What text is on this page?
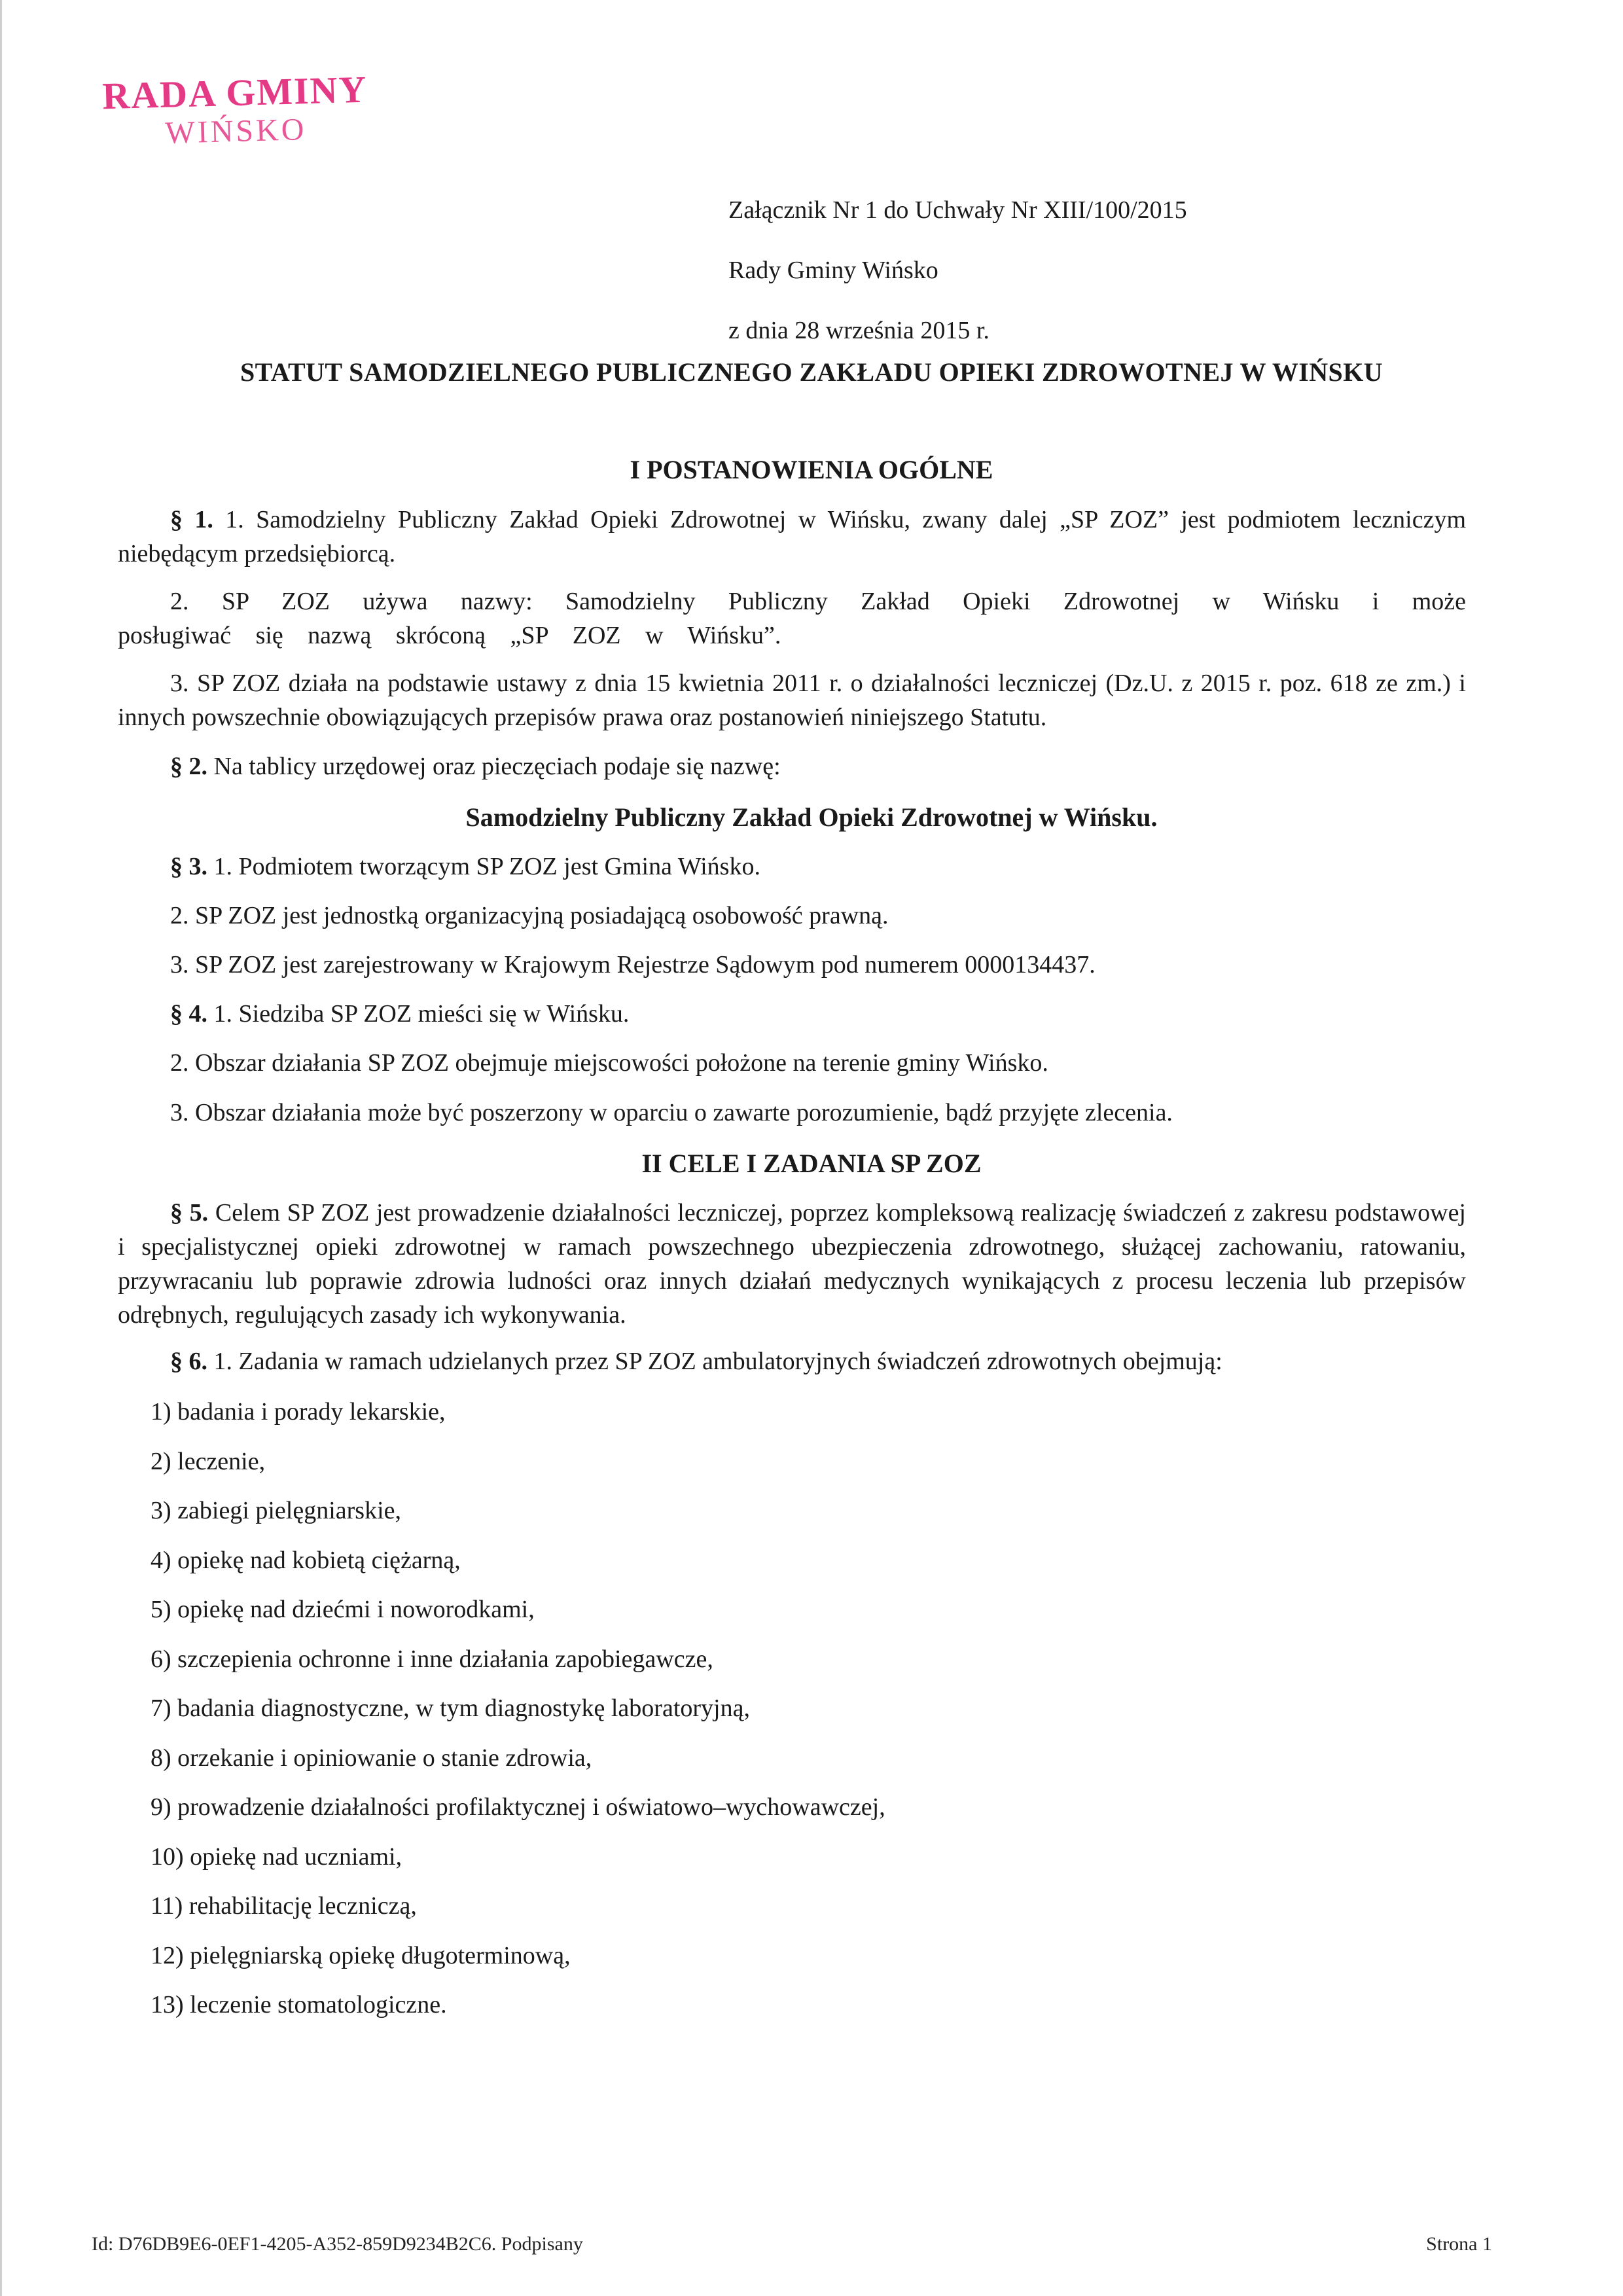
RADA GMINY
WIŃSKO
Załącznik Nr 1 do Uchwały Nr XIII/100/2015
Rady Gminy Wińsko
z dnia 28 września 2015 r.
STATUT SAMODZIELNEGO PUBLICZNEGO ZAKŁADU OPIEKI ZDROWOTNEJ W WIŃSKU
I POSTANOWIENIA OGÓLNE
§ 1. 1. Samodzielny Publiczny Zakład Opieki Zdrowotnej w Wińsku, zwany dalej „SP ZOZ” jest podmiotem leczniczym niebędącym przedsiębiorcą.
2. SP ZOZ używa nazwy: Samodzielny Publiczny Zakład Opieki Zdrowotnej w Wińsku i może posługiwać się nazwą skróconą „SP ZOZ w Wińsku”.
3. SP ZOZ działa na podstawie ustawy z dnia 15 kwietnia 2011 r. o działalności leczniczej (Dz.U. z 2015 r. poz. 618 ze zm.) i innych powszechnie obowiązujących przepisów prawa oraz postanowień niniejszego Statutu.
§ 2. Na tablicy urzędowej oraz pieczęciach podaje się nazwę:
Samodzielny Publiczny Zakład Opieki Zdrowotnej w Wińsku.
§ 3. 1. Podmiotem tworzącym SP ZOZ jest Gmina Wińsko.
2. SP ZOZ jest jednostką organizacyjną posiadającą osobowość prawną.
3. SP ZOZ jest zarejestrowany w Krajowym Rejestrze Sądowym pod numerem 0000134437.
§ 4. 1. Siedziba SP ZOZ mieści się w Wińsku.
2. Obszar działania SP ZOZ obejmuje miejscowości położone na terenie gminy Wińsko.
3. Obszar działania może być poszerzony w oparciu o zawarte porozumienie, bądź przyjęte zlecenia.
II CELE I ZADANIA SP ZOZ
§ 5. Celem SP ZOZ jest prowadzenie działalności leczniczej, poprzez kompleksową realizację świadczeń z zakresu podstawowej i specjalistycznej opieki zdrowotnej w ramach powszechnego ubezpieczenia zdrowotnego, służącej zachowaniu, ratowaniu, przywracaniu lub poprawie zdrowia ludności oraz innych działań medycznych wynikających z procesu leczenia lub przepisów odrębnych, regulujących zasady ich wykonywania.
§ 6. 1. Zadania w ramach udzielanych przez SP ZOZ ambulatoryjnych świadczeń zdrowotnych obejmują:
1) badania i porady lekarskie,
2) leczenie,
3) zabiegi pielęgniarskie,
4) opiekę nad kobietą ciężarną,
5) opiekę nad dziećmi i noworodkami,
6) szczepienia ochronne i inne działania zapobiegawcze,
7) badania diagnostyczne, w tym diagnostykę laboratoryjną,
8) orzekanie i opiniowanie o stanie zdrowia,
9) prowadzenie działalności profilaktycznej i oświatowo–wychowawczej,
10) opiekę nad uczniami,
11) rehabilitację leczniczą,
12) pielęgniarską opiekę długoterminową,
13) leczenie stomatologiczne.
Id: D76DB9E6-0EF1-4205-A352-859D9234B2C6. Podpisany	Strona 1
